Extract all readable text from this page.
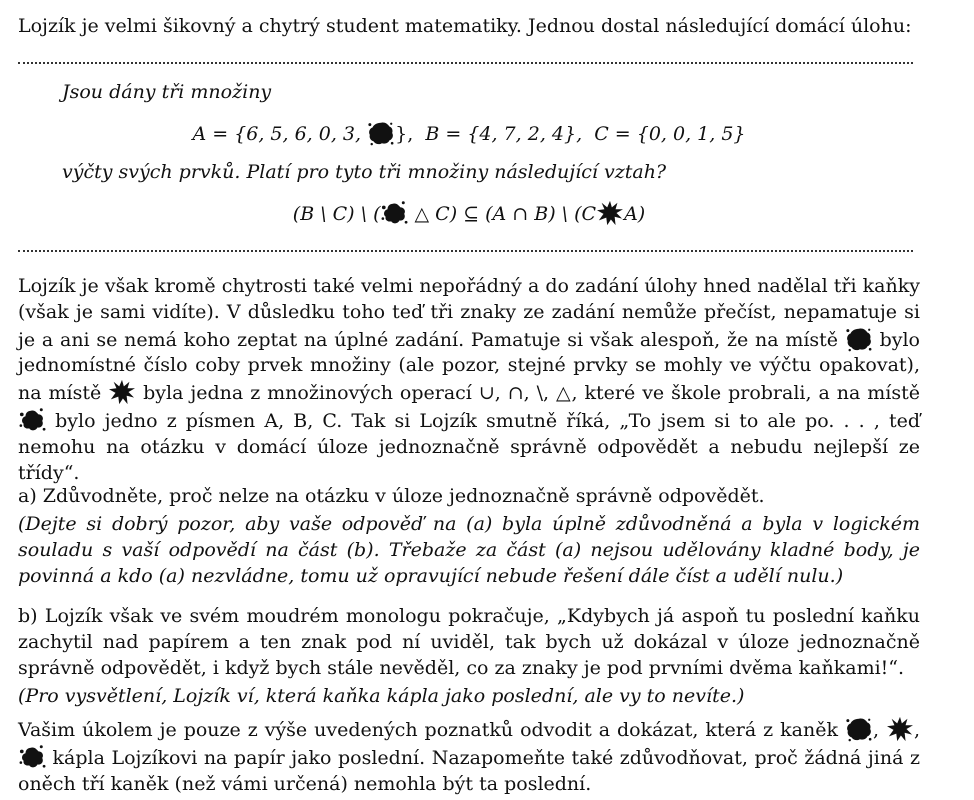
Lojzík je velmi šikovný a chytrý student matematiky. Jednou dostal následující domácí úlohu:

Jsou dány tři množiny

A = {6, 5, 6, 0, 3,
}, B = {4, 7, 2, 4}, C = {0, 0, 1, 5}

výčty svých prvků. Platí pro tyto tři množiny následující vztah?

(B \ C) \ (
△ C) ⊆ (A ∩ B) \ (C A)

Lojzík je však kromě chytrosti také velmi nepořádný a do zadání úlohy hned nadělal tři kaňky (však je sami vidíte). V důsledku toho teď tři znaky ze zadání nemůže přečíst, nepamatuje si je a ani se nemá koho zeptat na úplné zadání. Pamatuje si však alespoň, že na místě bylo jednomístné číslo coby prvek množiny (ale pozor, stejné prvky se mohly ve výčtu opakovat), na místě byla jedna z množinových operací ∪, ∩, \, △, které ve škole probrali, a na místě
bylo jedno z písmen A, B, C. Tak si Lojzík smutně říká, „To jsem si to ale po. . . , teď nemohu na otázku v domácí úloze jednoznačně správně odpovědět a nebudu nejlepší ze třídy“.

a) Zdůvodněte, proč nelze na otázku v úloze jednoznačně správně odpovědět.

(Dejte si dobrý pozor, aby vaše odpověď na (a) byla úplně zdůvodněná a byla v logickém souladu s vaší odpovědí na část (b). Třebaže za část (a) nejsou udělovány kladné body, je povinná a kdo (a) nezvládne, tomu už opravující nebude řešení dále číst a udělí nulu.)

b) Lojzík však ve svém moudrém monologu pokračuje, „Kdybych já aspoň tu poslední kaňku zachytil nad papírem a ten znak pod ní uviděl, tak bych už dokázal v úloze jednoznačně správně odpovědět, i když bych stále nevěděl, co za znaky je pod prvními dvěma kaňkami!“.

(Pro vysvětlení, Lojzík ví, která kaňka kápla jako poslední, ale vy to nevíte.)

Vašim úkolem je pouze z výše uvedených poznatků odvodit a dokázat, která z kaněk , ,
kápla Lojzíkovi na papír jako poslední. Nazapomeňte také zdůvodňovat, proč žádná jiná z oněch tří kaněk (než vámi určená) nemohla být ta poslední.
